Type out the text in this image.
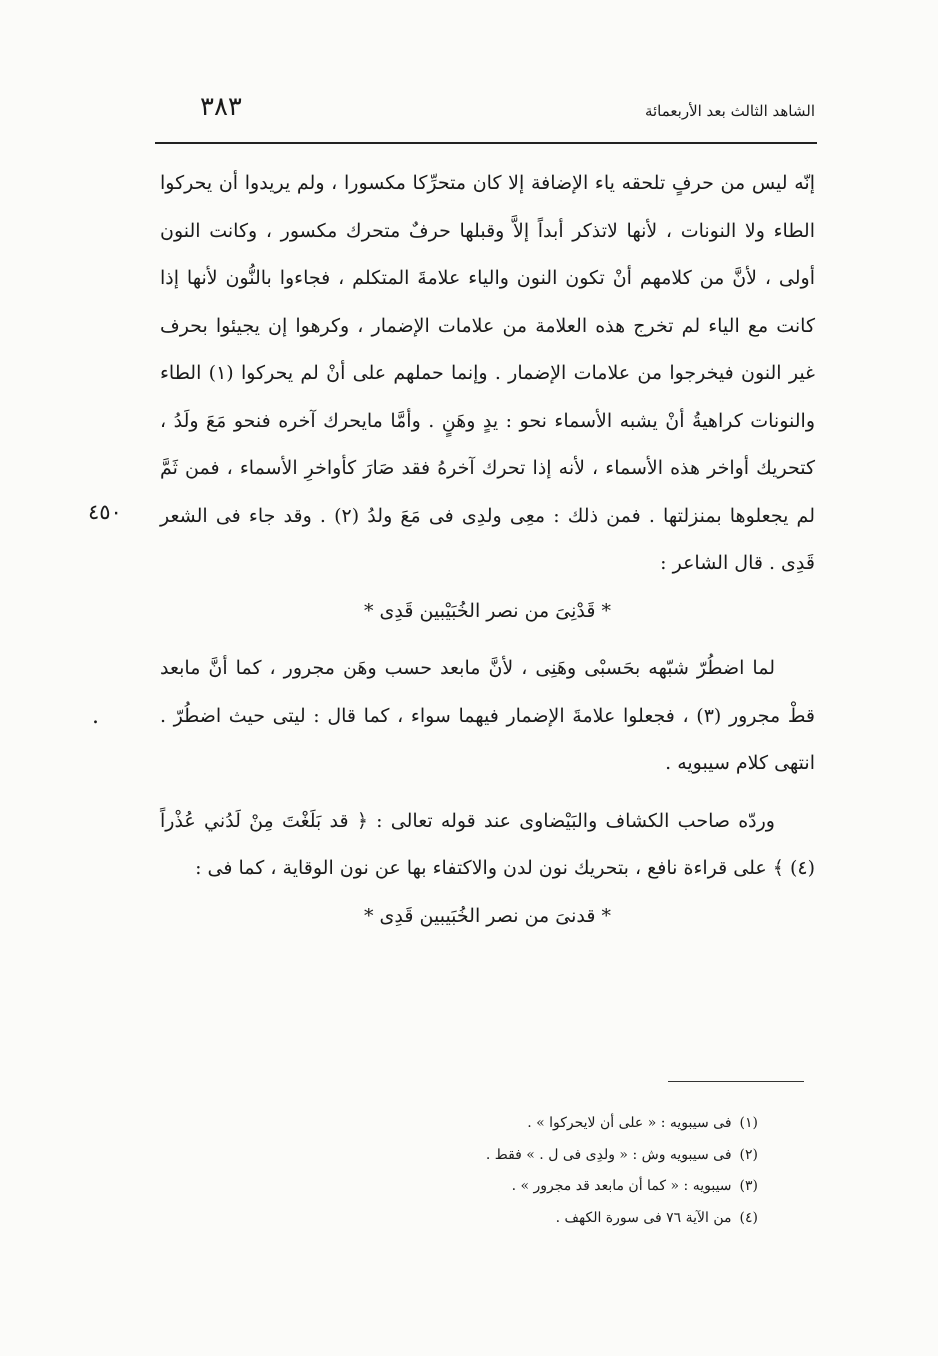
الشاهد الثالث بعد الأربعمائة
٣٨٣
٤٥٠
.

إنّه ليس من حرفٍ تلحقه ياء الإضافة إلا كان متحرِّكا مكسورا ، ولم يريدوا أن يحركوا الطاء ولا النونات ، لأنها لاتذكر أبداً إلاَّ وقبلها حرفٌ متحرك مكسور ، وكانت النون أولى ، لأنَّ من كلامهم أنْ تكون النون والياء علامةَ المتكلم ، فجاءوا بالنُّون لأنها إذا كانت مع الياء لم تخرج هذه العلامة من علامات الإضمار ، وكرهوا إن يجيئوا بحرف غير النون فيخرجوا من علامات الإضمار . وإنما حملهم على أنْ لم يحركوا (١) الطاء والنونات كراهيةُ أنْ يشبه الأسماء نحو : يدٍ وهَنٍ . وأمَّا مايحرك آخره فنحو مَعَ ولَدُ ، كتحريك أواخر هذه الأسماء ، لأنه إذا تحرك آخرهُ فقد صَارَ كأواخرِ الأسماء ، فمن ثَمَّ لم يجعلوها بمنزلتها . فمن ذلك : معِى ولدِى فى مَعَ ولدُ (٢) . وقد جاء فى الشعر قَدِى . قال الشاعر :

* قَدْنِىَ من نصر الخُبَيْبين قَدِى *

لما اضطُرّ شبّهه بحَسبْى وهَنِى ، لأنَّ مابعد حسب وهَن مجرور ، كما أنَّ مابعد قطْ مجرور (٣) ، فجعلوا علامةَ الإضمار فيهما سواء ، كما قال : ليتى حيث اضطُرّ . انتهى كلام سيبويه .

وردّه صاحب الكشاف والبَيْضاوى عند قوله تعالى : ﴿ قد بَلَغْتَ مِنْ لَدُني عُذْراً (٤) ﴾ على قراءة نافع ، بتحريك نون لدن والاكتفاء بها عن نون الوقاية ، كما فى :

* قدنىَ من نصر الخُبَيبين قَدِى *

(١)فى سيبويه : « على أن لايحركوا » .
(٢)فى سيبويه وش : « ولدِى فى ل . » فقط .
(٣)سيبويه : « كما أن مابعد قد مجرور » .
(٤)من الآية ٧٦ فى سورة الكهف .
